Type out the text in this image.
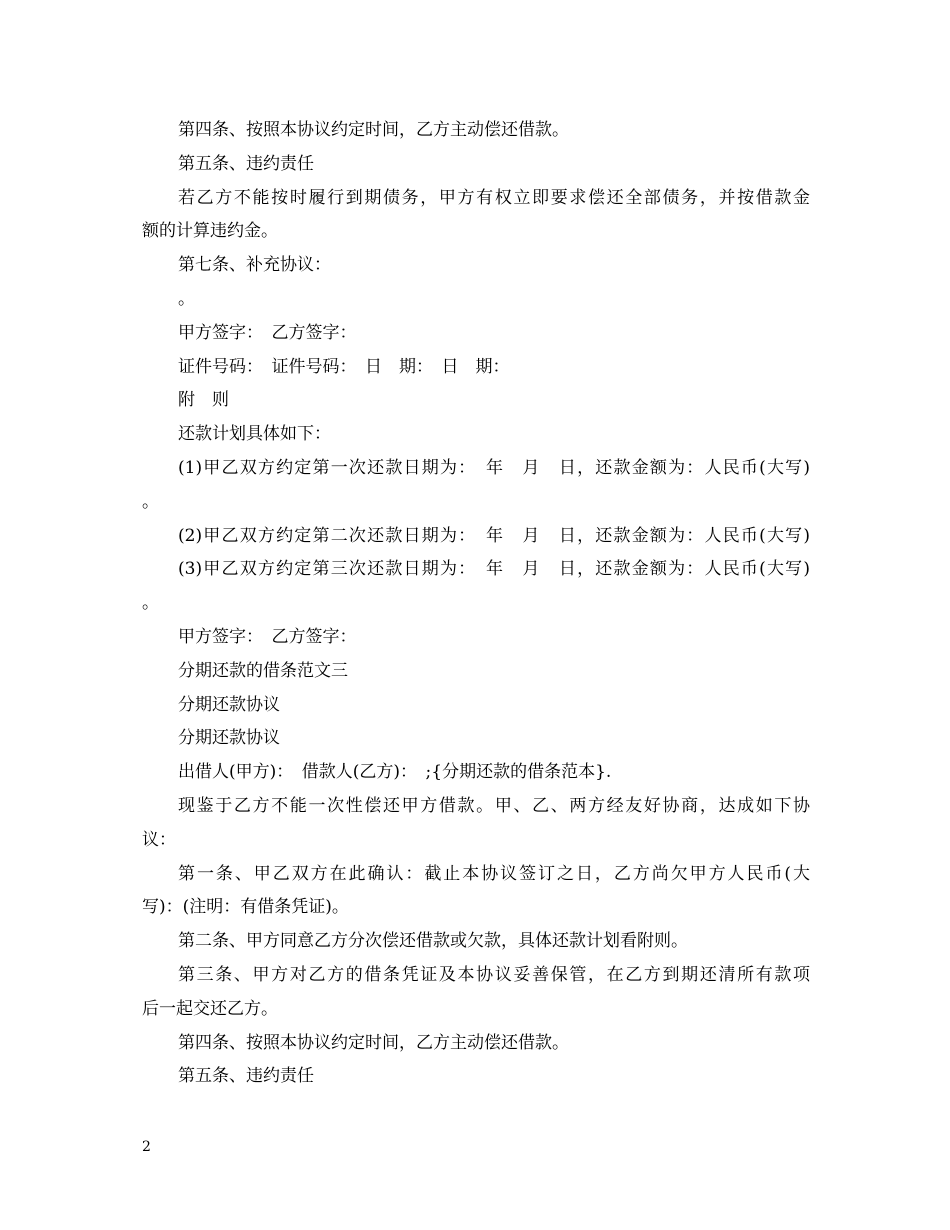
第四条、按照本协议约定时间，乙方主动偿还借款。
第五条、违约责任
若乙方不能按时履行到期债务，甲方有权立即要求偿还全部债务，并按借款金
额的计算违约金。
第七条、补充协议：
。
甲方签字：　乙方签字：
证件号码：　证件号码：　日　期：　日　期：
附　则
还款计划具体如下：
(1)甲乙双方约定第一次还款日期为：　年　月　日，还款金额为：人民币(大写)
。
(2)甲乙双方约定第二次还款日期为：　年　月　日，还款金额为：人民币(大写)
(3)甲乙双方约定第三次还款日期为：　年　月　日，还款金额为：人民币(大写)
。
甲方签字：　乙方签字：
分期还款的借条范文三
分期还款协议
分期还款协议
出借人(甲方)：　借款人(乙方)：　;{分期还款的借条范本}.
现鉴于乙方不能一次性偿还甲方借款。甲、乙、两方经友好协商，达成如下协
议：
第一条、甲乙双方在此确认：截止本协议签订之日，乙方尚欠甲方人民币(大
写)：(注明：有借条凭证)。
第二条、甲方同意乙方分次偿还借款或欠款，具体还款计划看附则。
第三条、甲方对乙方的借条凭证及本协议妥善保管，在乙方到期还清所有款项
后一起交还乙方。
第四条、按照本协议约定时间，乙方主动偿还借款。
第五条、违约责任
2
